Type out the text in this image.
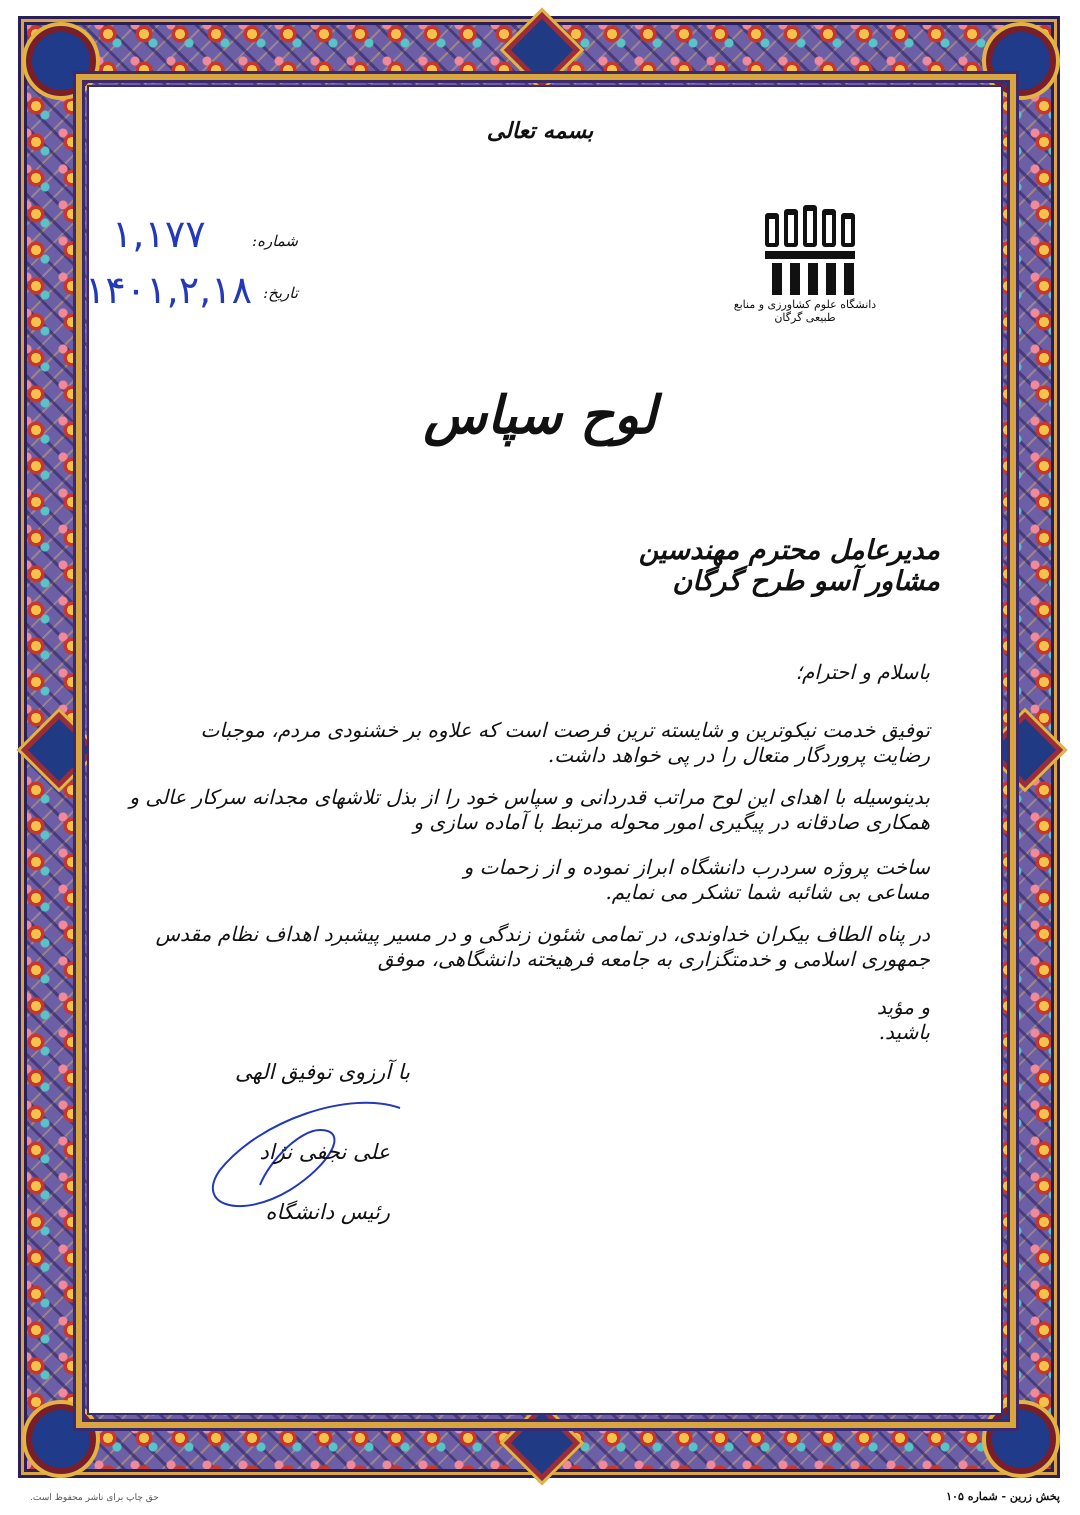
بسمه تعالی
دانشگاه علوم کشاورزی و منابع طبیعی گرگان
شماره:
۱,۱۷۷
تاریخ:
۱۴۰۱,۲,۱۸
لوح سپاس
مدیرعامل محترم مهندسین مشاور آسو طرح گرگان
باسلام و احترام؛
توفیق خدمت نیکوترین و شایسته ترین فرصت است که علاوه بر خشنودی مردم، موجبات رضایت پروردگار متعال را در پی خواهد داشت.
بدینوسیله با اهدای این لوح مراتب قدردانی و سپاس خود را از بذل تلاشهای مجدانه سرکار عالی و همکاری صادقانه در پیگیری امور محوله مرتبط با آماده سازی و
ساخت پروژه سردرب دانشگاه ابراز نموده و از زحمات و مساعی بی شائبه شما تشکر می نمایم.
در پناه الطاف بیکران خداوندی، در تمامی شئون زندگی و در مسیر پیشبرد اهداف نظام مقدس جمهوری اسلامی و خدمتگزاری به جامعه فرهیخته دانشگاهی، موفق
و مؤید باشید.
با آرزوی توفیق الهی
علی نجفی نژاد
رئیس دانشگاه
پخش زرین - شماره ۱۰۵
حق چاپ برای ناشر محفوظ است.
